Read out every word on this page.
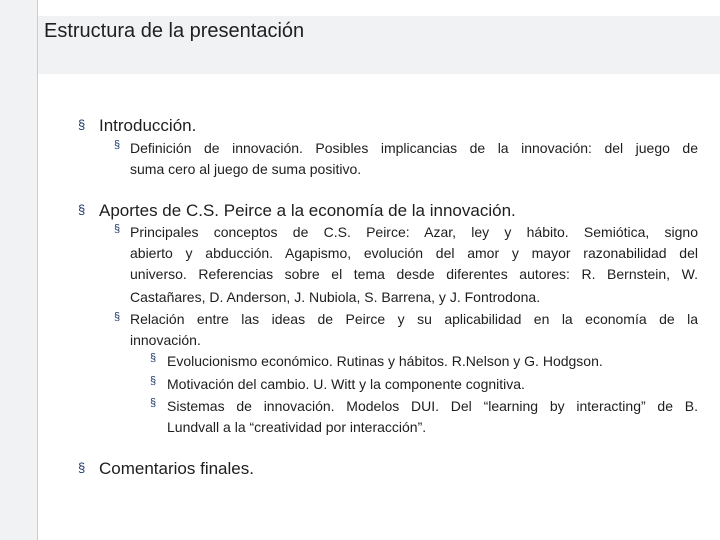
Estructura de la presentación
§ Introducción.
§ Definición de innovación. Posibles implicancias de la innovación: del juego de
suma cero al juego de suma positivo.
§ Aportes de C.S. Peirce a la economía de la innovación.
§ Principales conceptos de C.S. Peirce: Azar, ley y hábito. Semiótica, signo
abierto y abducción. Agapismo, evolución del amor y mayor razonabilidad del
universo. Referencias sobre el tema desde diferentes autores: R. Bernstein, W.
Castañares, D. Anderson, J. Nubiola, S. Barrena, y J. Fontrodona.
§ Relación entre las ideas de Peirce y su aplicabilidad en la economía de la
innovación.
§ Evolucionismo económico. Rutinas y hábitos. R.Nelson y G. Hodgson.
§ Motivación del cambio. U. Witt y la componente cognitiva.
§ Sistemas de innovación. Modelos DUI. Del “learning by interacting” de B.
Lundvall a la “creatividad por interacción”.
§ Comentarios finales.
